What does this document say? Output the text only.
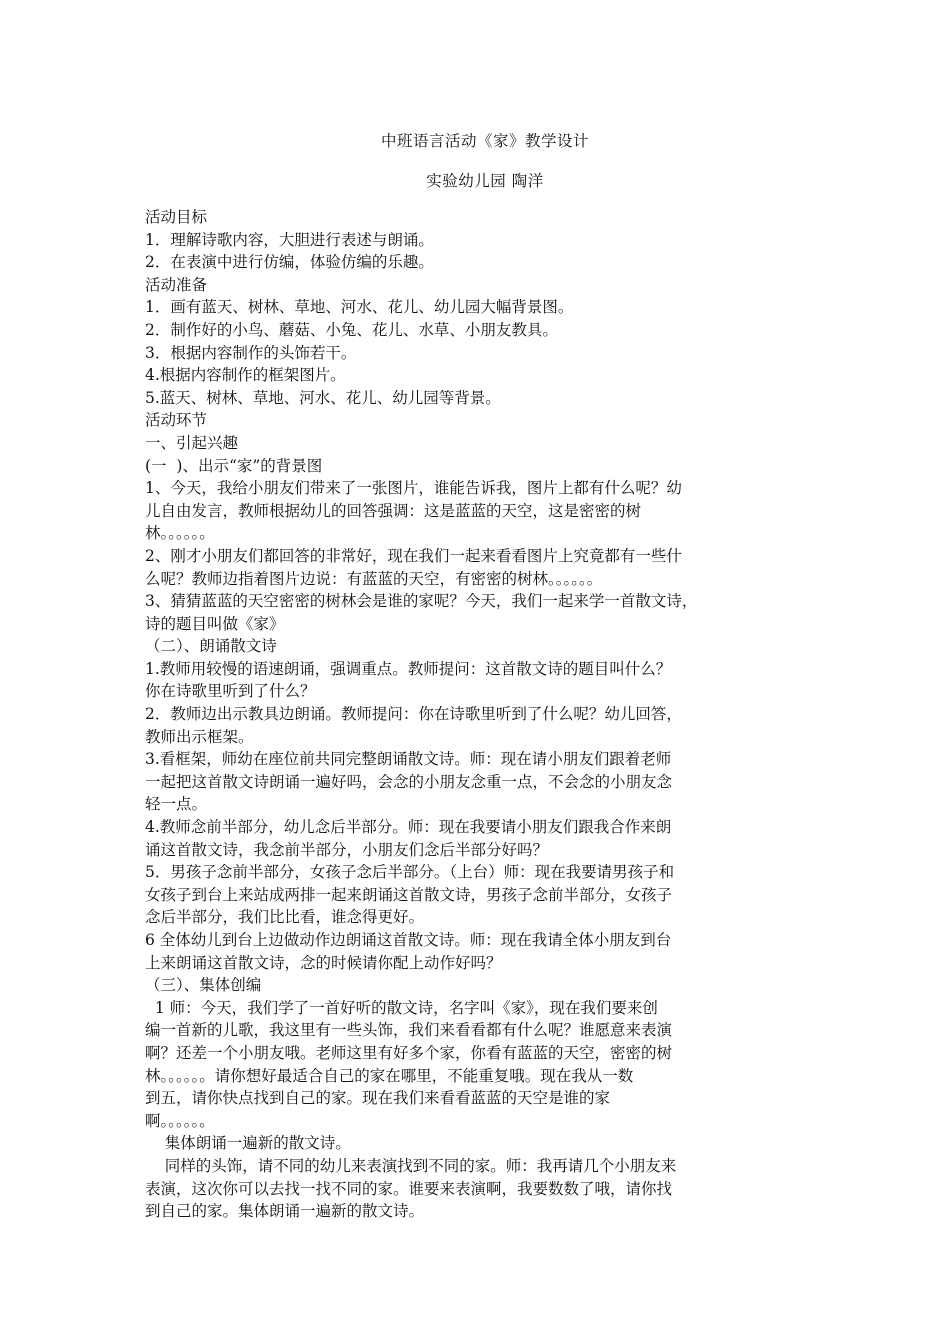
中班语言活动《家》教学设计

实验幼儿园 陶洋

活动目标

1．理解诗歌内容，大胆进行表述与朗诵。

2．在表演中进行仿编，体验仿编的乐趣。

活动准备

1．画有蓝天、树林、草地、河水、花儿、幼儿园大幅背景图。

2．制作好的小鸟、蘑菇、小兔、花儿、水草、小朋友教具。

3．根据内容制作的头饰若干。

4.根据内容制作的框架图片。

5.蓝天、树林、草地、河水、花儿、幼儿园等背景。

活动环节

一、引起兴趣

(一  )、出示“家”的背景图

1、今天，我给小朋友们带来了一张图片，谁能告诉我，图片上都有什么呢？幼

儿自由发言，教师根据幼儿的回答强调：这是蓝蓝的天空，这是密密的树

林。。。。。。

2、刚才小朋友们都回答的非常好，现在我们一起来看看图片上究竟都有一些什

么呢？教师边指着图片边说：有蓝蓝的天空，有密密的树林。。。。。。

3、猜猜蓝蓝的天空密密的树林会是谁的家呢？今天，我们一起来学一首散文诗，

诗的题目叫做《家》

（二）、朗诵散文诗

1.教师用较慢的语速朗诵，强调重点。教师提问：这首散文诗的题目叫什么？

你在诗歌里听到了什么？

2．教师边出示教具边朗诵。教师提问：你在诗歌里听到了什么呢？幼儿回答，

教师出示框架。

3.看框架，师幼在座位前共同完整朗诵散文诗。师：现在请小朋友们跟着老师

一起把这首散文诗朗诵一遍好吗，会念的小朋友念重一点，不会念的小朋友念

轻一点。

4.教师念前半部分，幼儿念后半部分。师：现在我要请小朋友们跟我合作来朗

诵这首散文诗，我念前半部分，小朋友们念后半部分好吗？

5．男孩子念前半部分，女孩子念后半部分。（上台）师：现在我要请男孩子和

女孩子到台上来站成两排一起来朗诵这首散文诗，男孩子念前半部分，女孩子

念后半部分，我们比比看，谁念得更好。

6 全体幼儿到台上边做动作边朗诵这首散文诗。师：现在我请全体小朋友到台

上来朗诵这首散文诗，念的时候请你配上动作好吗？

（三）、集体创编

1 师：今天，我们学了一首好听的散文诗，名字叫《家》，现在我们要来创

编一首新的儿歌，我这里有一些头饰，我们来看看都有什么呢？谁愿意来表演

啊？还差一个小朋友哦。老师这里有好多个家，你看有蓝蓝的天空，密密的树

林。。。。。。请你想好最适合自己的家在哪里，不能重复哦。现在我从一数

到五，请你快点找到自己的家。现在我们来看看蓝蓝的天空是谁的家

啊。。。。。。

集体朗诵一遍新的散文诗。

同样的头饰，请不同的幼儿来表演找到不同的家。师：我再请几个小朋友来

表演，这次你可以去找一找不同的家。谁要来表演啊，我要数数了哦，请你找

到自己的家。集体朗诵一遍新的散文诗。
